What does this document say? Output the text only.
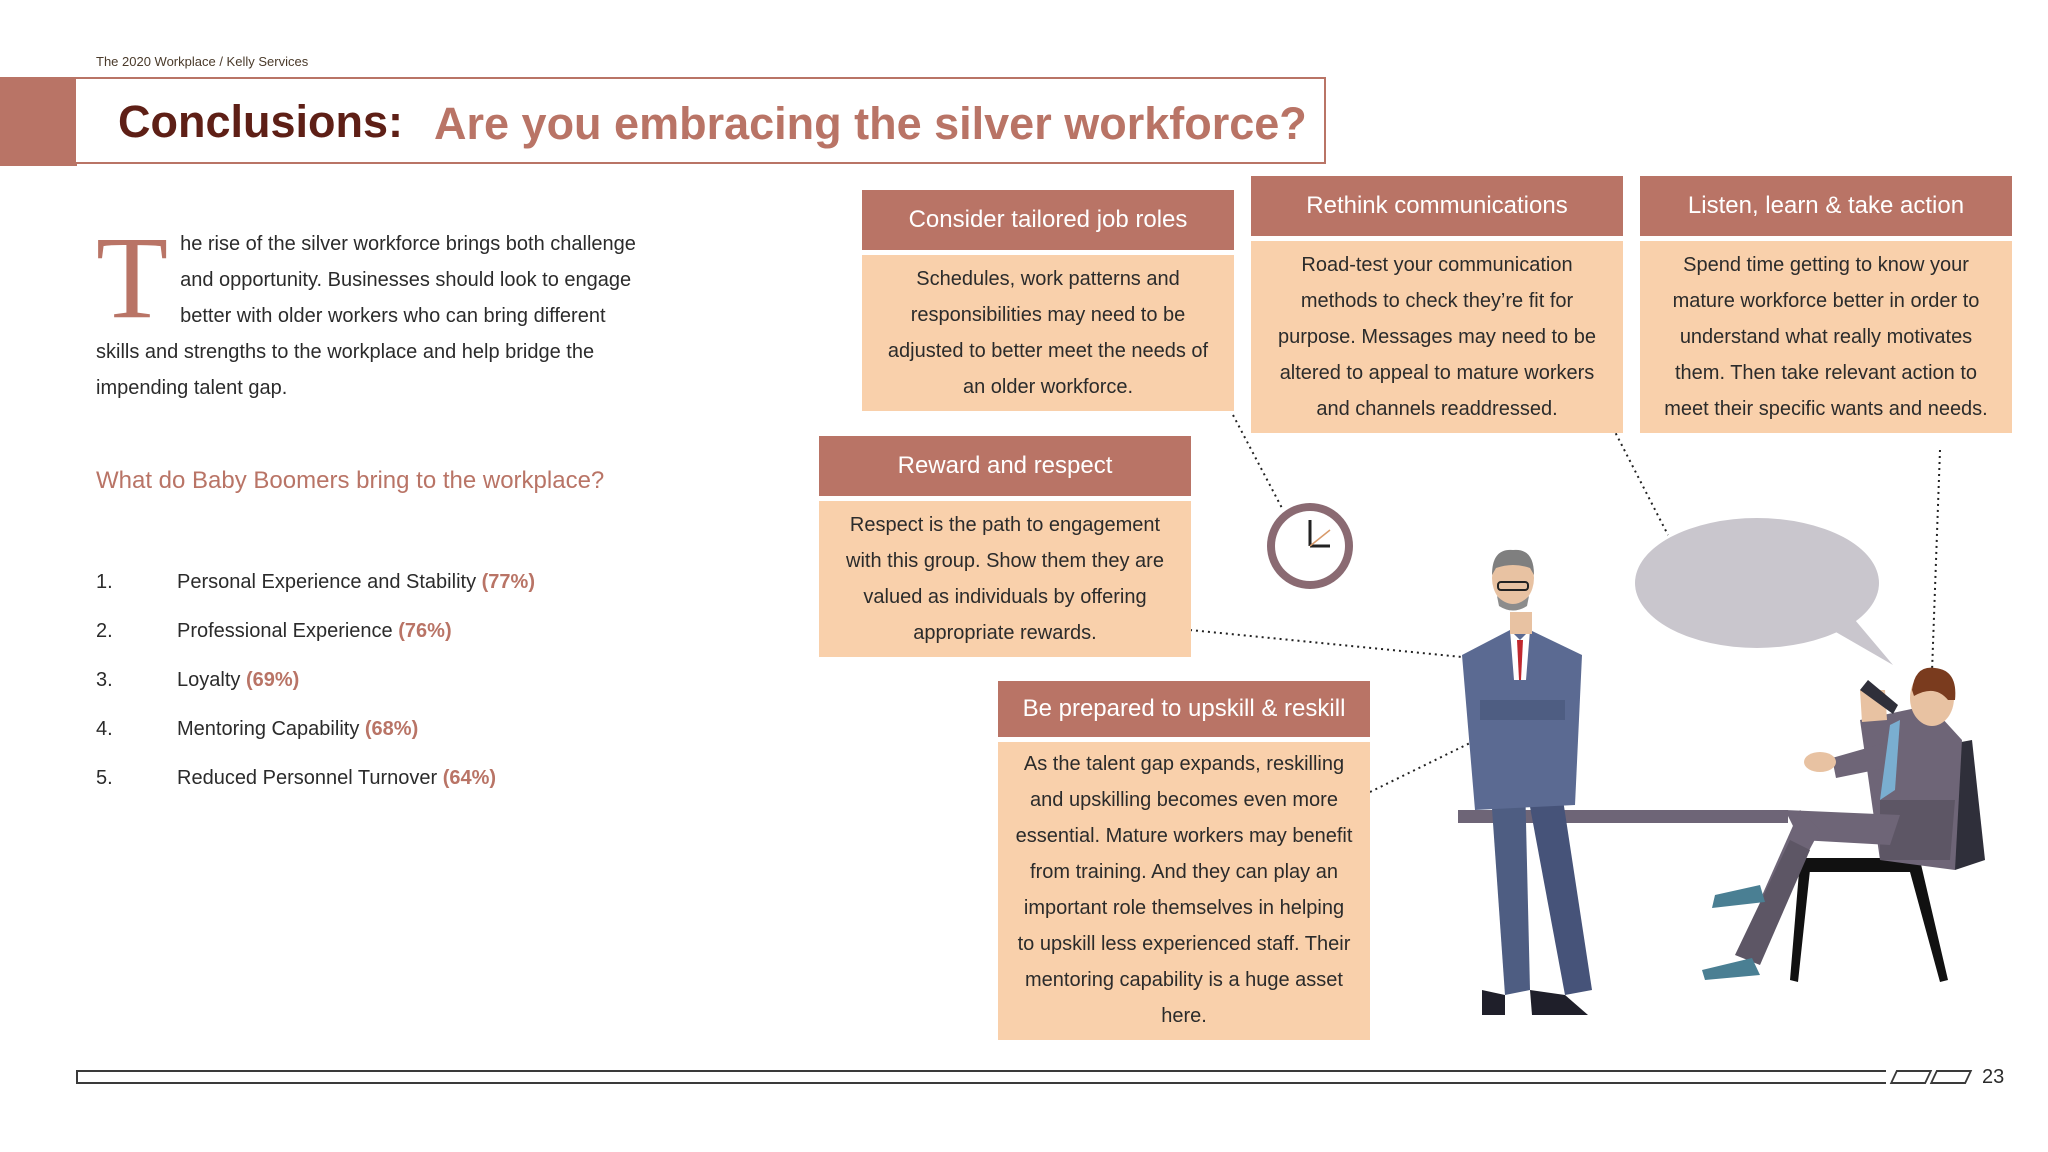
The 2020 Workplace / Kelly Services
Conclusions: Are you embracing the silver workforce?
The rise of the silver workforce brings both challenge and opportunity. Businesses should look to engage better with older workers who can bring different skills and strengths to the workplace and help bridge the impending talent gap.
What do Baby Boomers bring to the workplace?
1.	Personal Experience and Stability (77%)
2.	Professional Experience (76%)
3.	Loyalty (69%)
4.	Mentoring Capability (68%)
5.	Reduced Personnel Turnover (64%)
Consider tailored job roles
Schedules, work patterns and responsibilities may need to be adjusted to better meet the needs of an older workforce.
Rethink communications
Road-test your communication methods to check they’re fit for purpose. Messages may need to be altered to appeal to mature workers and channels readdressed.
Listen, learn & take action
Spend time getting to know your mature workforce better in order to understand what really motivates them. Then take relevant action to meet their specific wants and needs.
Reward and respect
Respect is the path to engagement with this group. Show them they are valued as individuals by offering appropriate rewards.
Be prepared to upskill & reskill
As the talent gap expands, reskilling and upskilling becomes even more essential. Mature workers may benefit from training. And they can play an important role themselves in helping to upskill less experienced staff. Their mentoring capability is a huge asset here.
23
